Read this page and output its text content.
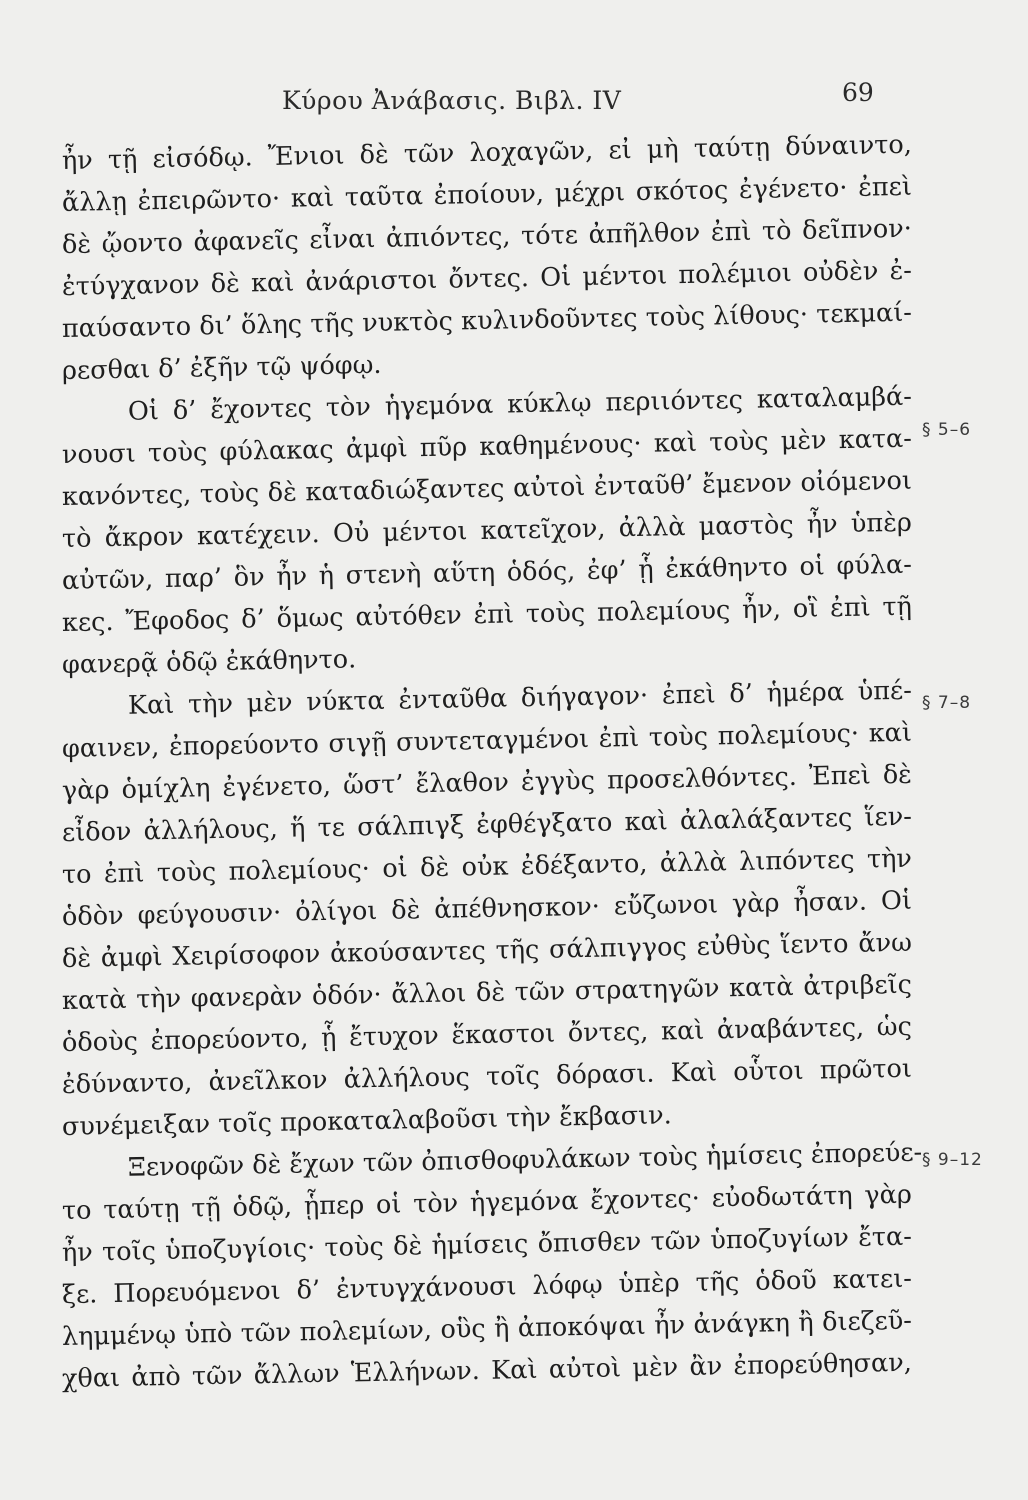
Κύρου Ἀνάβασις. Βιβλ. IV	69
ἦν τῇ εἰσόδῳ. Ἔνιοι δὲ τῶν λοχαγῶν, εἰ μὴ ταύτῃ δύναιντο,
ἄλλῃ ἐπειρῶντο· καὶ ταῦτα ἐποίουν, μέχρι σκότος ἐγένετο· ἐπεὶ
δὲ ᾤοντο ἀφανεῖς εἶναι ἀπιόντες, τότε ἀπῆλθον ἐπὶ τὸ δεῖπνον·
ἐτύγχανον δὲ καὶ ἀνάριστοι ὄντες. Οἱ μέντοι πολέμιοι οὐδὲν ἐ-
παύσαντο δι’ ὅλης τῆς νυκτὸς κυλινδοῦντες τοὺς λίθους· τεκμαί-
ρεσθαι δ’ ἐξῆν τῷ ψόφῳ.
Οἱ δ’ ἔχοντες τὸν ἡγεμόνα κύκλῳ περιιόντες καταλαμβά-
νουσι τοὺς φύλακας ἀμφὶ πῦρ καθημένους· καὶ τοὺς μὲν κατα-
κανόντες, τοὺς δὲ καταδιώξαντες αὐτοὶ ἐνταῦθ’ ἔμενον οἰόμενοι
τὸ ἄκρον κατέχειν. Οὐ μέντοι κατεῖχον, ἀλλὰ μαστὸς ἦν ὑπὲρ
αὐτῶν, παρ’ ὃν ἦν ἡ στενὴ αὕτη ὁδός, ἐφ’ ᾗ ἐκάθηντο οἱ φύλα-
κες. Ἔφοδος δ’ ὅμως αὐτόθεν ἐπὶ τοὺς πολεμίους ἦν, οἳ ἐπὶ τῇ
φανερᾷ ὁδῷ ἐκάθηντο.
Καὶ τὴν μὲν νύκτα ἐνταῦθα διήγαγον· ἐπεὶ δ’ ἡμέρα ὑπέ-
φαινεν, ἐπορεύοντο σιγῇ συντεταγμένοι ἐπὶ τοὺς πολεμίους· καὶ
γὰρ ὁμίχλη ἐγένετο, ὥστ’ ἔλαθον ἐγγὺς προσελθόντες. Ἐπεὶ δὲ
εἶδον ἀλλήλους, ἥ τε σάλπιγξ ἐφθέγξατο καὶ ἀλαλάξαντες ἵεν-
το ἐπὶ τοὺς πολεμίους· οἱ δὲ οὐκ ἐδέξαντο, ἀλλὰ λιπόντες τὴν
ὁδὸν φεύγουσιν· ὀλίγοι δὲ ἀπέθνησκον· εὔζωνοι γὰρ ἦσαν. Οἱ
δὲ ἀμφὶ Χειρίσοφον ἀκούσαντες τῆς σάλπιγγος εὐθὺς ἵεντο ἄνω
κατὰ τὴν φανερὰν ὁδόν· ἄλλοι δὲ τῶν στρατηγῶν κατὰ ἀτριβεῖς
ὁδοὺς ἐπορεύοντο, ᾗ ἔτυχον ἕκαστοι ὄντες, καὶ ἀναβάντες, ὡς
ἐδύναντο, ἀνεῖλκον ἀλλήλους τοῖς δόρασι. Καὶ οὗτοι πρῶτοι
συνέμειξαν τοῖς προκαταλαβοῦσι τὴν ἔκβασιν.
Ξενοφῶν δὲ ἔχων τῶν ὀπισθοφυλάκων τοὺς ἡμίσεις ἐπορεύε-
το ταύτῃ τῇ ὁδῷ, ᾗπερ οἱ τὸν ἡγεμόνα ἔχοντες· εὐοδωτάτη γὰρ
ἦν τοῖς ὑποζυγίοις· τοὺς δὲ ἡμίσεις ὄπισθεν τῶν ὑποζυγίων ἔτα-
ξε. Πορευόμενοι δ’ ἐντυγχάνουσι λόφῳ ὑπὲρ τῆς ὁδοῦ κατει-
λημμένῳ ὑπὸ τῶν πολεμίων, οὓς ἢ ἀποκόψαι ἦν ἀνάγκη ἢ διεζεῦ-
χθαι ἀπὸ τῶν ἄλλων Ἑλλήνων. Καὶ αὐτοὶ μὲν ἂν ἐπορεύθησαν,
§ 5–6
§ 7–8
§ 9–12
